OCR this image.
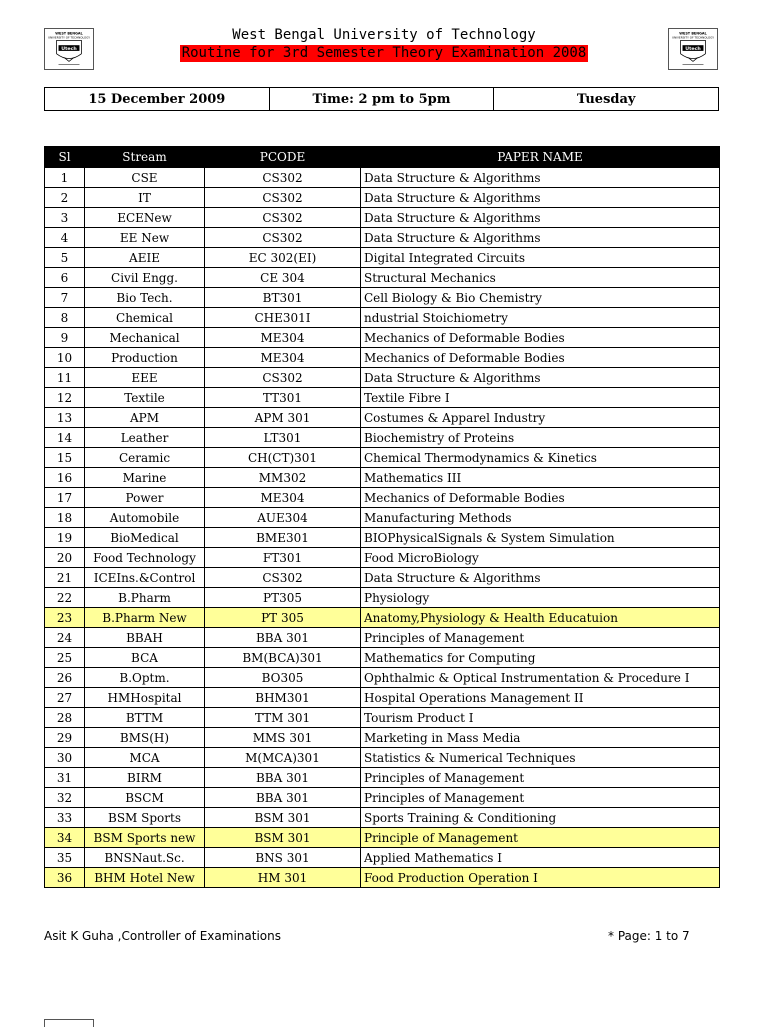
WEST BENGAL
UNIVERSITY OF TECHNOLOGY
Utech
WEST BENGAL
UNIVERSITY OF TECHNOLOGY
Utech
West Bengal University of Technology
Routine for 3rd Semester Theory Examination 2008
15 December 2009	Time: 2 pm to 5pm	Tuesday
Sl	Stream	PCODE	PAPER NAME
1	CSE	CS302	Data Structure & Algorithms
2	IT	CS302	Data Structure & Algorithms
3	ECENew	CS302	Data Structure & Algorithms
4	EE New	CS302	Data Structure & Algorithms
5	AEIE	EC 302(EI)	Digital Integrated Circuits
6	Civil Engg.	CE 304	Structural Mechanics
7	Bio Tech.	BT301	Cell Biology & Bio Chemistry
8	Chemical	CHE301I	ndustrial Stoichiometry
9	Mechanical	ME304	Mechanics of Deformable Bodies
10	Production	ME304	Mechanics of Deformable Bodies
11	EEE	CS302	Data Structure & Algorithms
12	Textile	TT301	Textile Fibre I
13	APM	APM 301	Costumes & Apparel Industry
14	Leather	LT301	Biochemistry of Proteins
15	Ceramic	CH(CT)301	Chemical Thermodynamics & Kinetics
16	Marine	MM302	Mathematics III
17	Power	ME304	Mechanics of Deformable Bodies
18	Automobile	AUE304	Manufacturing Methods
19	BioMedical	BME301	BIOPhysicalSignals & System Simulation
20	Food Technology	FT301	Food MicroBiology
21	ICEIns.&Control	CS302	Data Structure & Algorithms
22	B.Pharm	PT305	Physiology
23	B.Pharm New	PT 305	Anatomy,Physiology & Health Educatuion
24	BBAH	BBA 301	Principles of Management
25	BCA	BM(BCA)301	Mathematics for Computing
26	B.Optm.	BO305	Ophthalmic & Optical Instrumentation & Procedure I
27	HMHospital	BHM301	Hospital Operations Management II
28	BTTM	TTM 301	Tourism Product I
29	BMS(H)	MMS 301	Marketing in Mass Media
30	MCA	M(MCA)301	Statistics & Numerical Techniques
31	BIRM	BBA 301	Principles of Management
32	BSCM	BBA 301	Principles of Management
33	BSM Sports	BSM 301	Sports Training & Conditioning
34	BSM Sports new	BSM 301	Principle of Management
35	BNSNaut.Sc.	BNS 301	Applied Mathematics I
36	BHM Hotel New	HM 301	Food Production Operation I
Asit K Guha ,Controller of Examinations	* Page: 1 to 7
